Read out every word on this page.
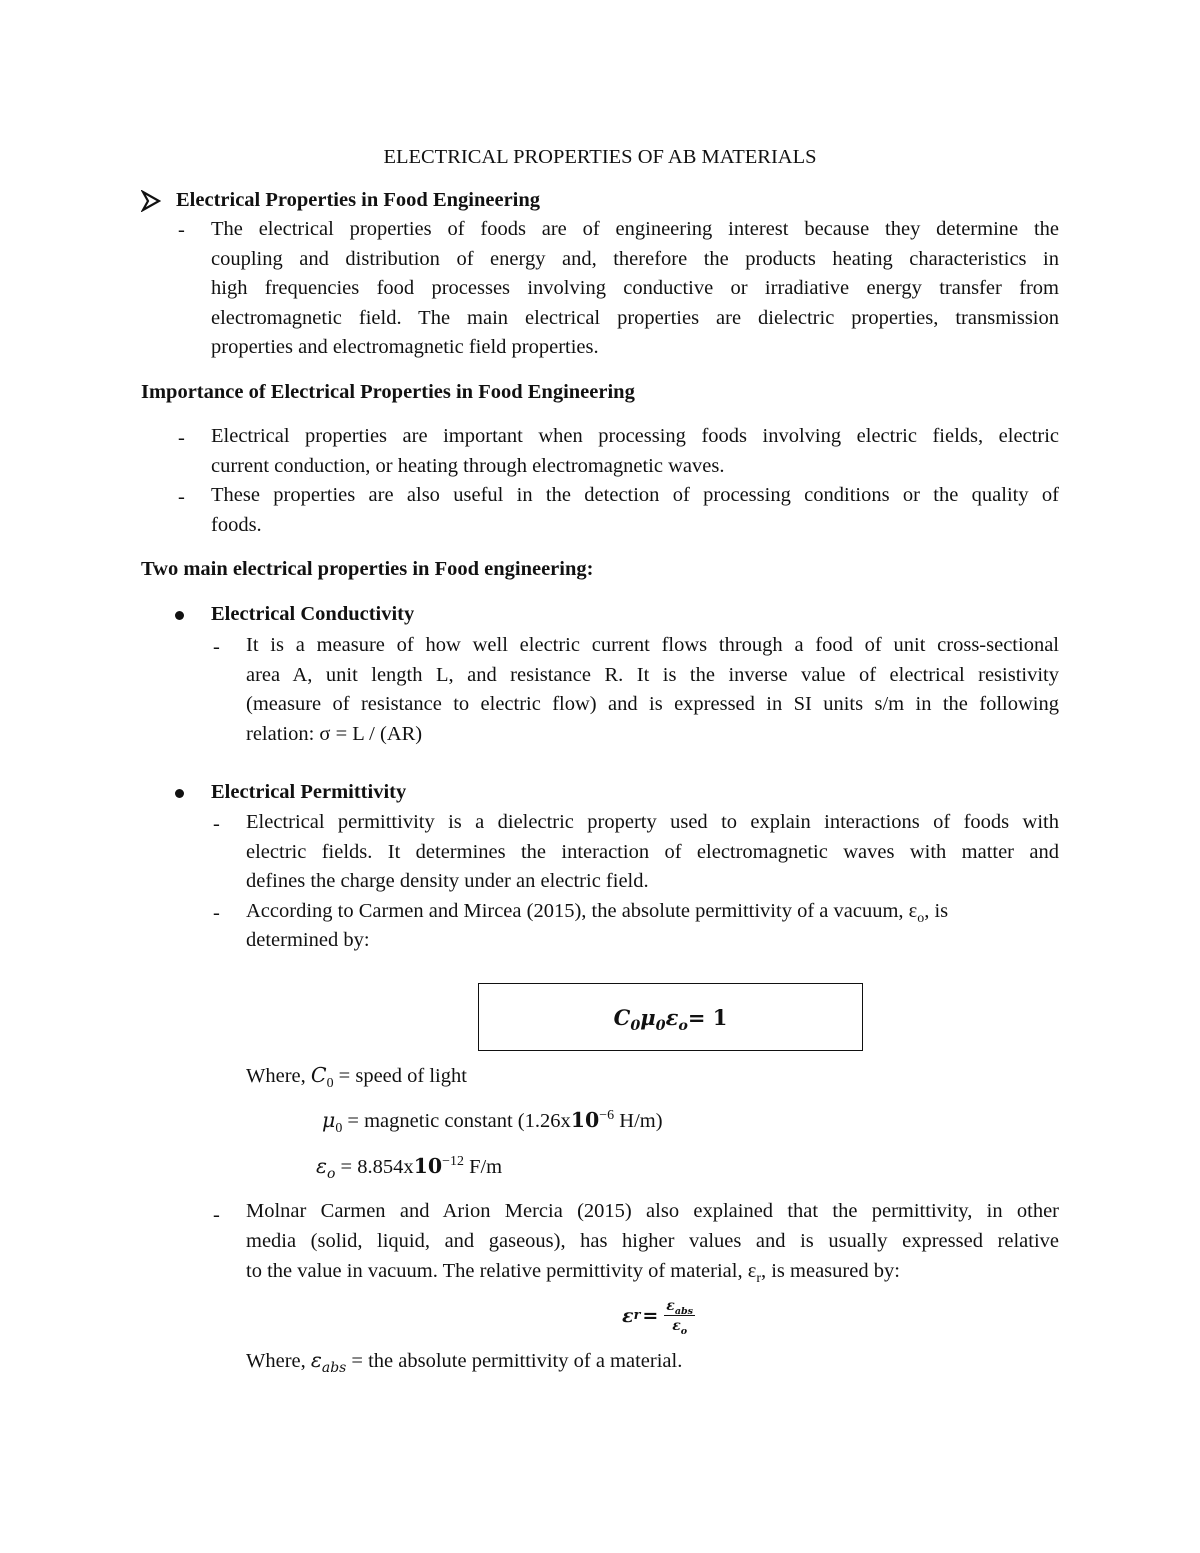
ELECTRICAL PROPERTIES OF AB MATERIALS
Electrical Properties in Food Engineering
- The electrical properties of foods are of engineering interest because they determine the
coupling and distribution of energy and, therefore the products heating characteristics in
high frequencies food processes involving conductive or irradiative energy transfer from
electromagnetic field. The main electrical properties are dielectric properties, transmission
properties and electromagnetic field properties.
Importance of Electrical Properties in Food Engineering
- Electrical properties are important when processing foods involving electric fields, electric
current conduction, or heating through electromagnetic waves.
- These properties are also useful in the detection of processing conditions or the quality of
foods.
Two main electrical properties in Food engineering:
Electrical Conductivity
- It is a measure of how well electric current flows through a food of unit cross-sectional
area A, unit length L, and resistance R. It is the inverse value of electrical resistivity
(measure of resistance to electric flow) and is expressed in SI units s/m in the following
relation: σ = L / (AR)
Electrical Permittivity
- Electrical permittivity is a dielectric property used to explain interactions of foods with
electric fields. It determines the interaction of electromagnetic waves with matter and
defines the charge density under an electric field.
- According to Carmen and Mircea (2015), the absolute permittivity of a vacuum, $\varepsilon_o$, is
determined by:
$C_0\mu_0\varepsilon_o= 1$
Where, $C_0$ = speed of light
$\mu_0$ = magnetic constant ($1.26x10^{-6}$ H/m)
$\varepsilon_o = 8.854x10^{-12}$ F/m
- Molnar Carmen and Arion Mercia (2015) also explained that the permittivity, in other
media (solid, liquid, and gaseous), has higher values and is usually expressed relative
to the value in vacuum. The relative permittivity of material, $\varepsilon_r$, is measured by:
ε $r = \frac{\varepsilon_{abs}}{\varepsilon_o}$
Where, $\varepsilon_{abs}$ = the absolute permittivity of a material.
